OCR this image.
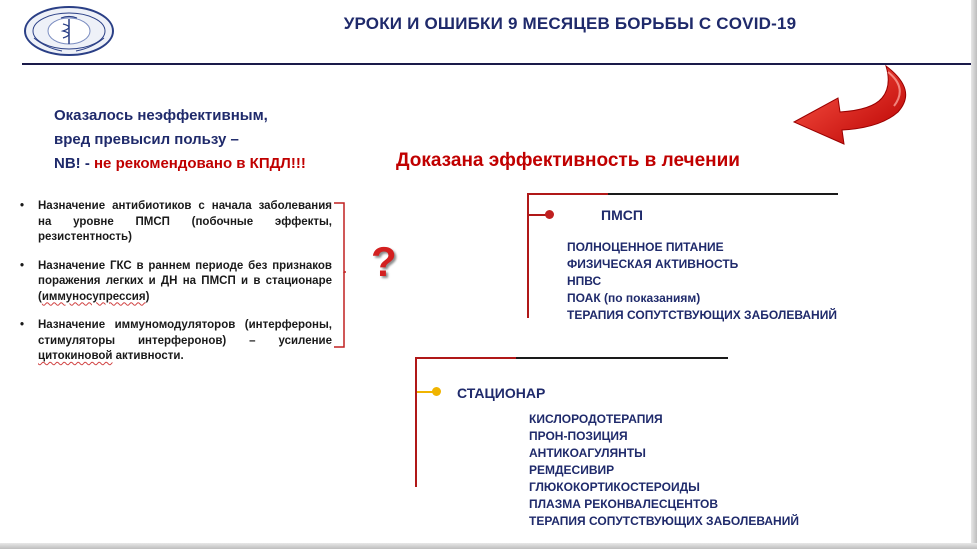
УРОКИ И ОШИБКИ 9 МЕСЯЦЕВ БОРЬБЫ С COVID-19
Оказалось неэффективным,
вред превысил пользу –
NB! - не рекомендовано в КПДЛ!!!
• Назначение антибиотиков с начала заболевания на уровне ПМСП (побочные эффекты, резистентность)
• Назначение ГКС в раннем периоде без признаков поражения легких и ДН на ПМСП и в стационаре (иммуносупрессия)
• Назначение иммуномодуляторов (интерфероны, стимуляторы интерферонов) – усиление цитокиновой активности.
?
Доказана эффективность в лечении
ПМСП
ПОЛНОЦЕННОЕ ПИТАНИЕ
ФИЗИЧЕСКАЯ АКТИВНОСТЬ
НПВС
ПОАК (по показаниям)
ТЕРАПИЯ СОПУТСТВУЮЩИХ ЗАБОЛЕВАНИЙ
СТАЦИОНАР
КИСЛОРОДОТЕРАПИЯ
ПРОН-ПОЗИЦИЯ
АНТИКОАГУЛЯНТЫ
РЕМДЕСИВИР
ГЛЮКОКОРТИКОСТЕРОИДЫ
ПЛАЗМА РЕКОНВАЛЕСЦЕНТОВ
ТЕРАПИЯ СОПУТСТВУЮЩИХ ЗАБОЛЕВАНИЙ
